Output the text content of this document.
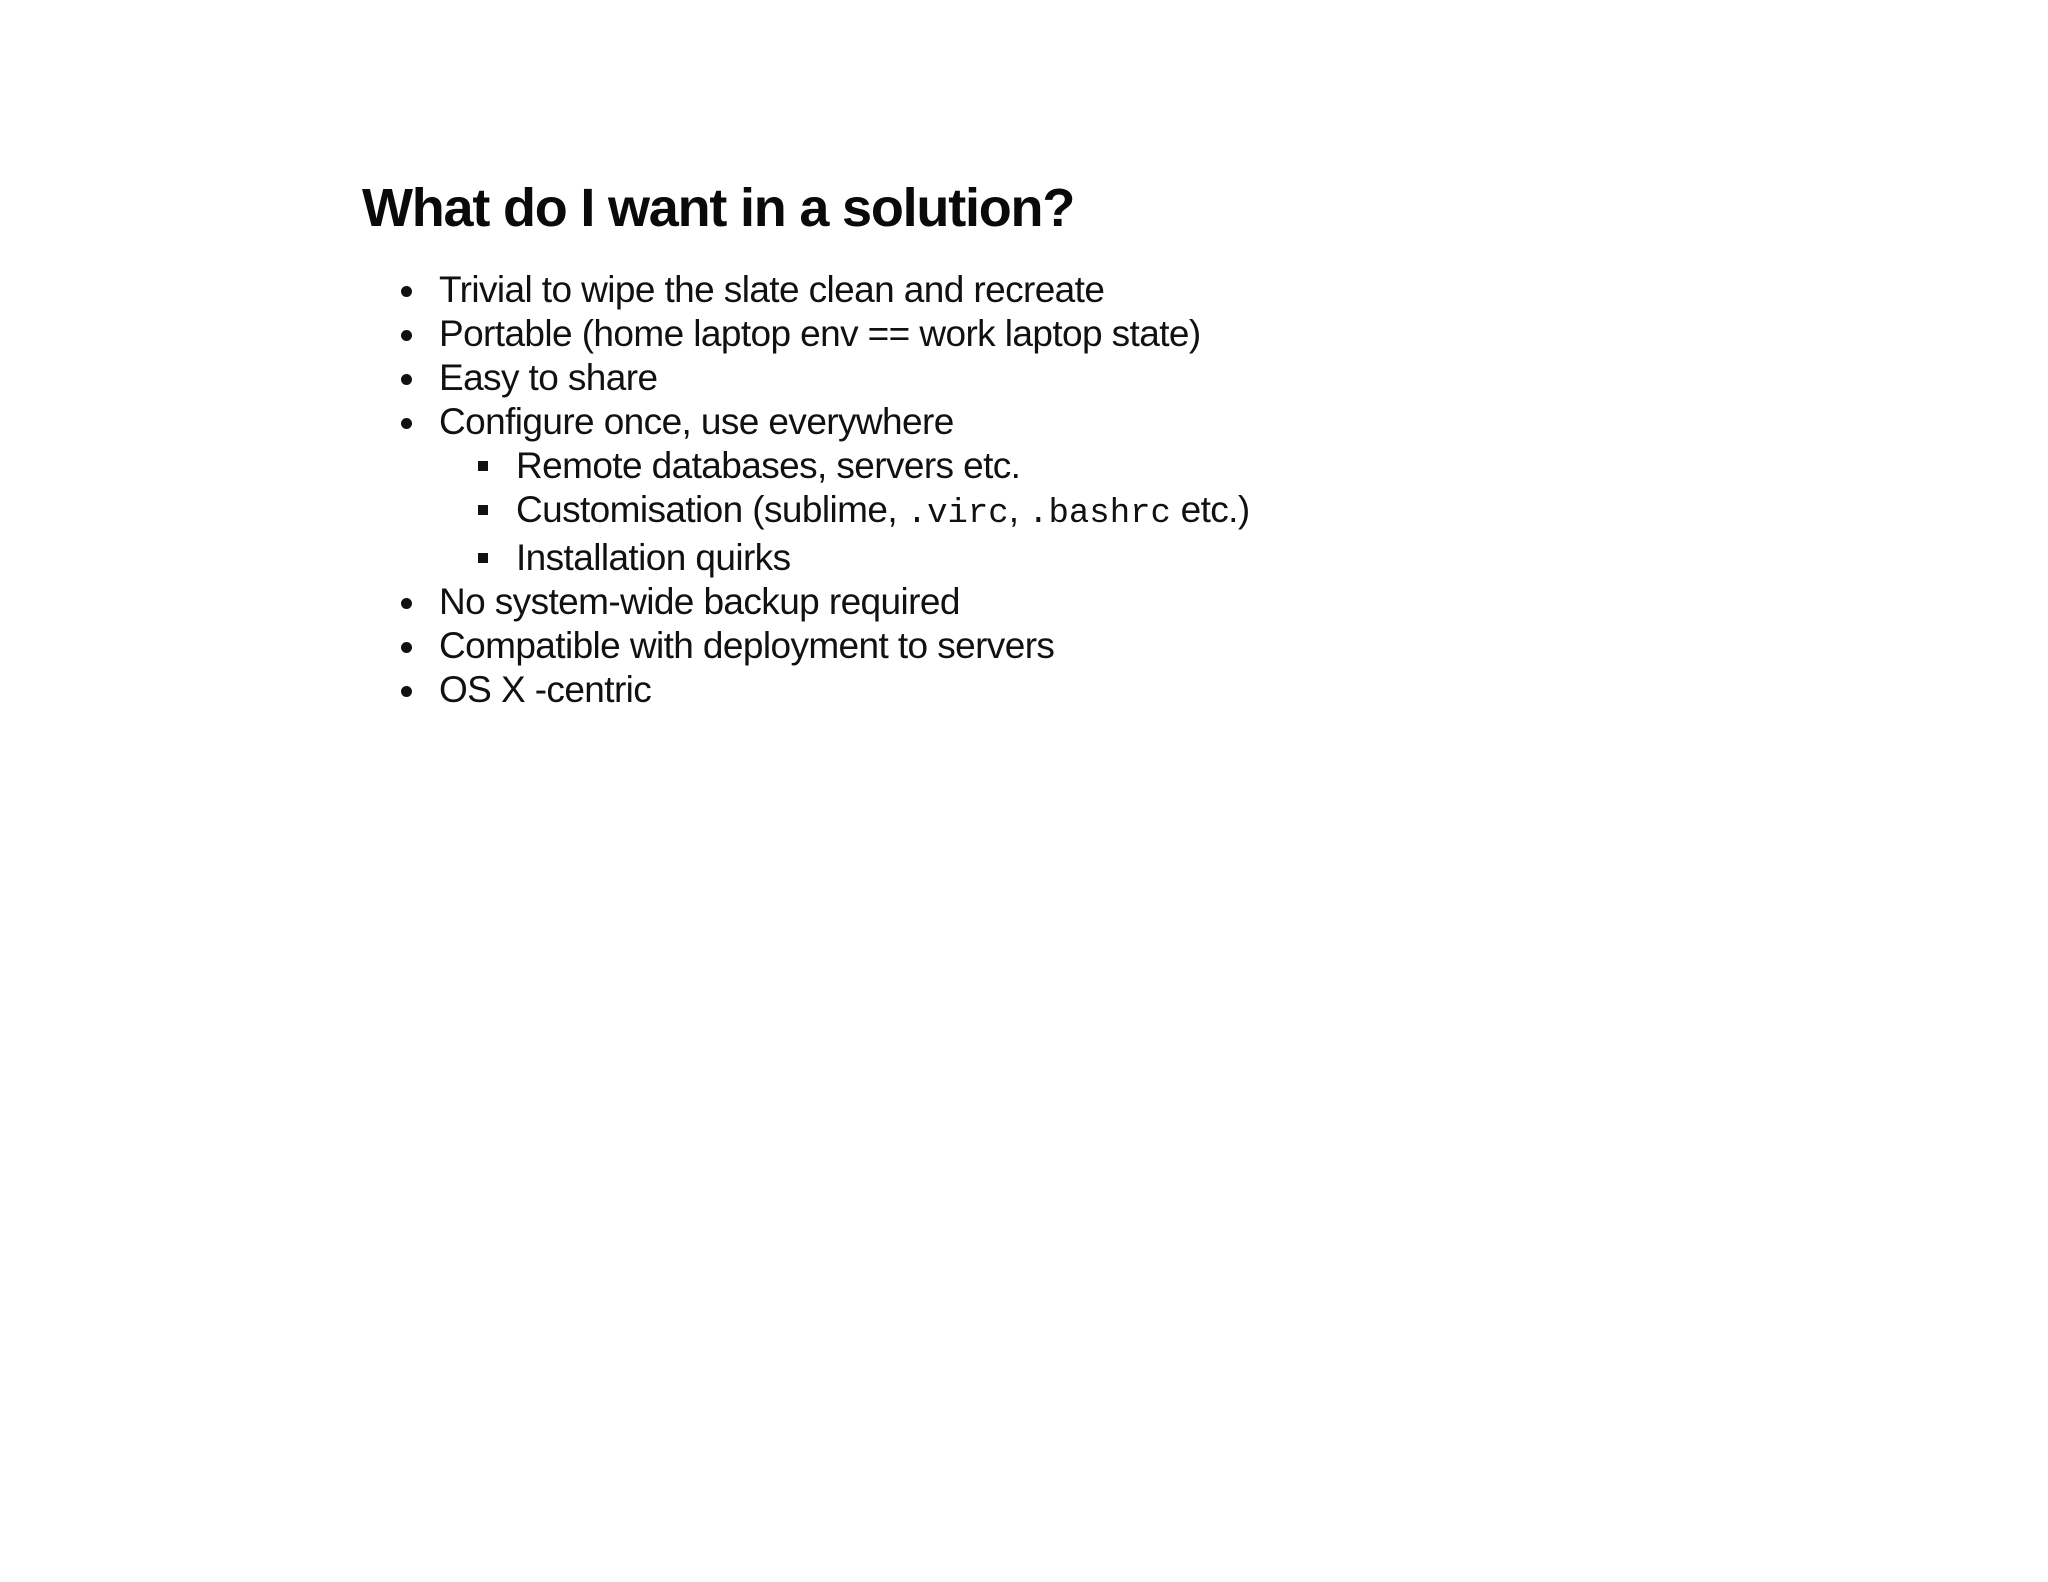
What do I want in a solution?
Trivial to wipe the slate clean and recreate
Portable (home laptop env == work laptop state)
Easy to share
Configure once, use everywhere
Remote databases, servers etc.
Customisation (sublime, .virc, .bashrc etc.)
Installation quirks
No system-wide backup required
Compatible with deployment to servers
OS X -centric
